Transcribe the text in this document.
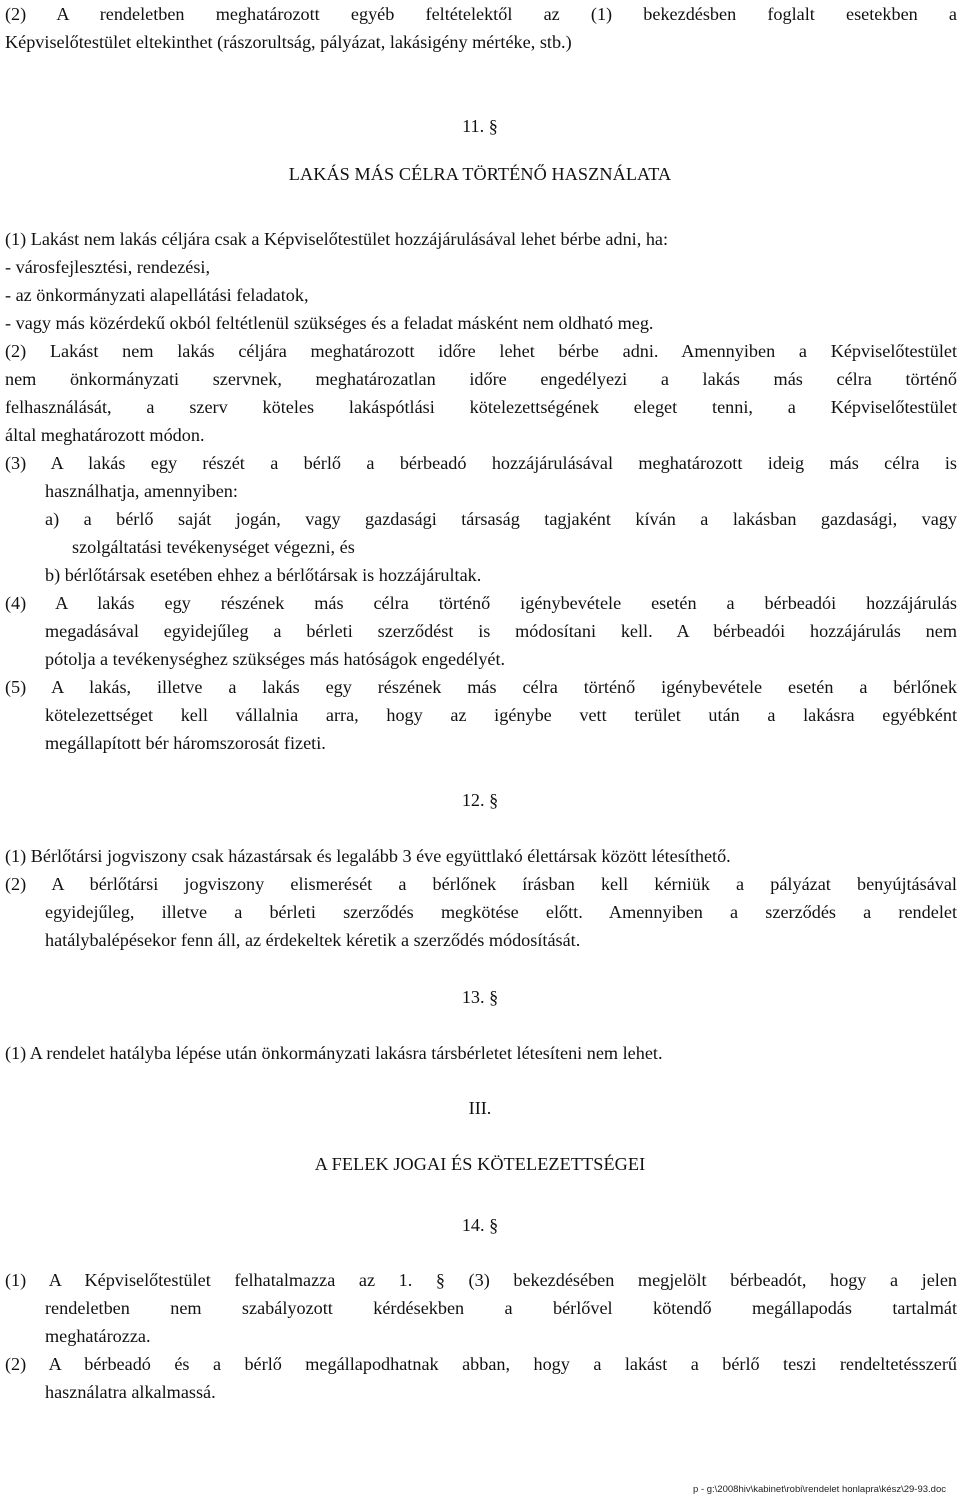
(2) A rendeletben meghatározott egyéb feltételektől az (1) bekezdésben foglalt esetekben a
Képviselőtestület eltekinthet (rászorultság, pályázat, lakásigény mértéke, stb.)
11. §
LAKÁS MÁS CÉLRA TÖRTÉNŐ HASZNÁLATA
(1) Lakást nem lakás céljára csak a Képviselőtestület hozzájárulásával lehet bérbe adni, ha:
- városfejlesztési, rendezési,
- az önkormányzati alapellátási feladatok,
- vagy más közérdekű okból feltétlenül szükséges és a feladat másként nem oldható meg.
(2) Lakást nem lakás céljára meghatározott időre lehet bérbe adni. Amennyiben a Képviselőtestület
nem önkormányzati szervnek, meghatározatlan időre engedélyezi a lakás más célra történő
felhasználását, a szerv köteles lakáspótlási kötelezettségének eleget tenni, a Képviselőtestület
által meghatározott módon.
(3) A lakás egy részét a bérlő a bérbeadó hozzájárulásával meghatározott ideig más célra is
használhatja, amennyiben:
a) a bérlő saját jogán, vagy gazdasági társaság tagjaként kíván a lakásban gazdasági, vagy
szolgáltatási tevékenységet végezni, és
b) bérlőtársak esetében ehhez a bérlőtársak is hozzájárultak.
(4) A lakás egy részének más célra történő igénybevétele esetén a bérbeadói hozzájárulás
megadásával egyidejűleg a bérleti szerződést is módosítani kell. A bérbeadói hozzájárulás nem
pótolja a tevékenységhez szükséges más hatóságok engedélyét.
(5) A lakás, illetve a lakás egy részének más célra történő igénybevétele esetén a bérlőnek
kötelezettséget kell vállalnia arra, hogy az igénybe vett terület után a lakásra egyébként
megállapított bér háromszorosát fizeti.
12. §
(1) Bérlőtársi jogviszony csak házastársak és legalább 3 éve együttlakó élettársak között létesíthető.
(2) A bérlőtársi jogviszony elismerését a bérlőnek írásban kell kérniük a pályázat benyújtásával
egyidejűleg, illetve a bérleti szerződés megkötése előtt. Amennyiben a szerződés a rendelet
hatálybalépésekor fenn áll, az érdekeltek kéretik a szerződés módosítását.
13. §
(1) A rendelet hatályba lépése után önkormányzati lakásra társbérletet létesíteni nem lehet.
III.
A FELEK JOGAI ÉS KÖTELEZETTSÉGEI
14. §
(1) A Képviselőtestület felhatalmazza az 1. § (3) bekezdésében megjelölt bérbeadót, hogy a jelen
rendeletben nem szabályozott kérdésekben a bérlővel kötendő megállapodás tartalmát
meghatározza.
(2) A bérbeadó és a bérlő megállapodhatnak abban, hogy a lakást a bérlő teszi rendeltetésszerű
használatra alkalmassá.
p - g:\2008hiv\kabinet\robi\rendelet honlapra\kész\29-93.doc
